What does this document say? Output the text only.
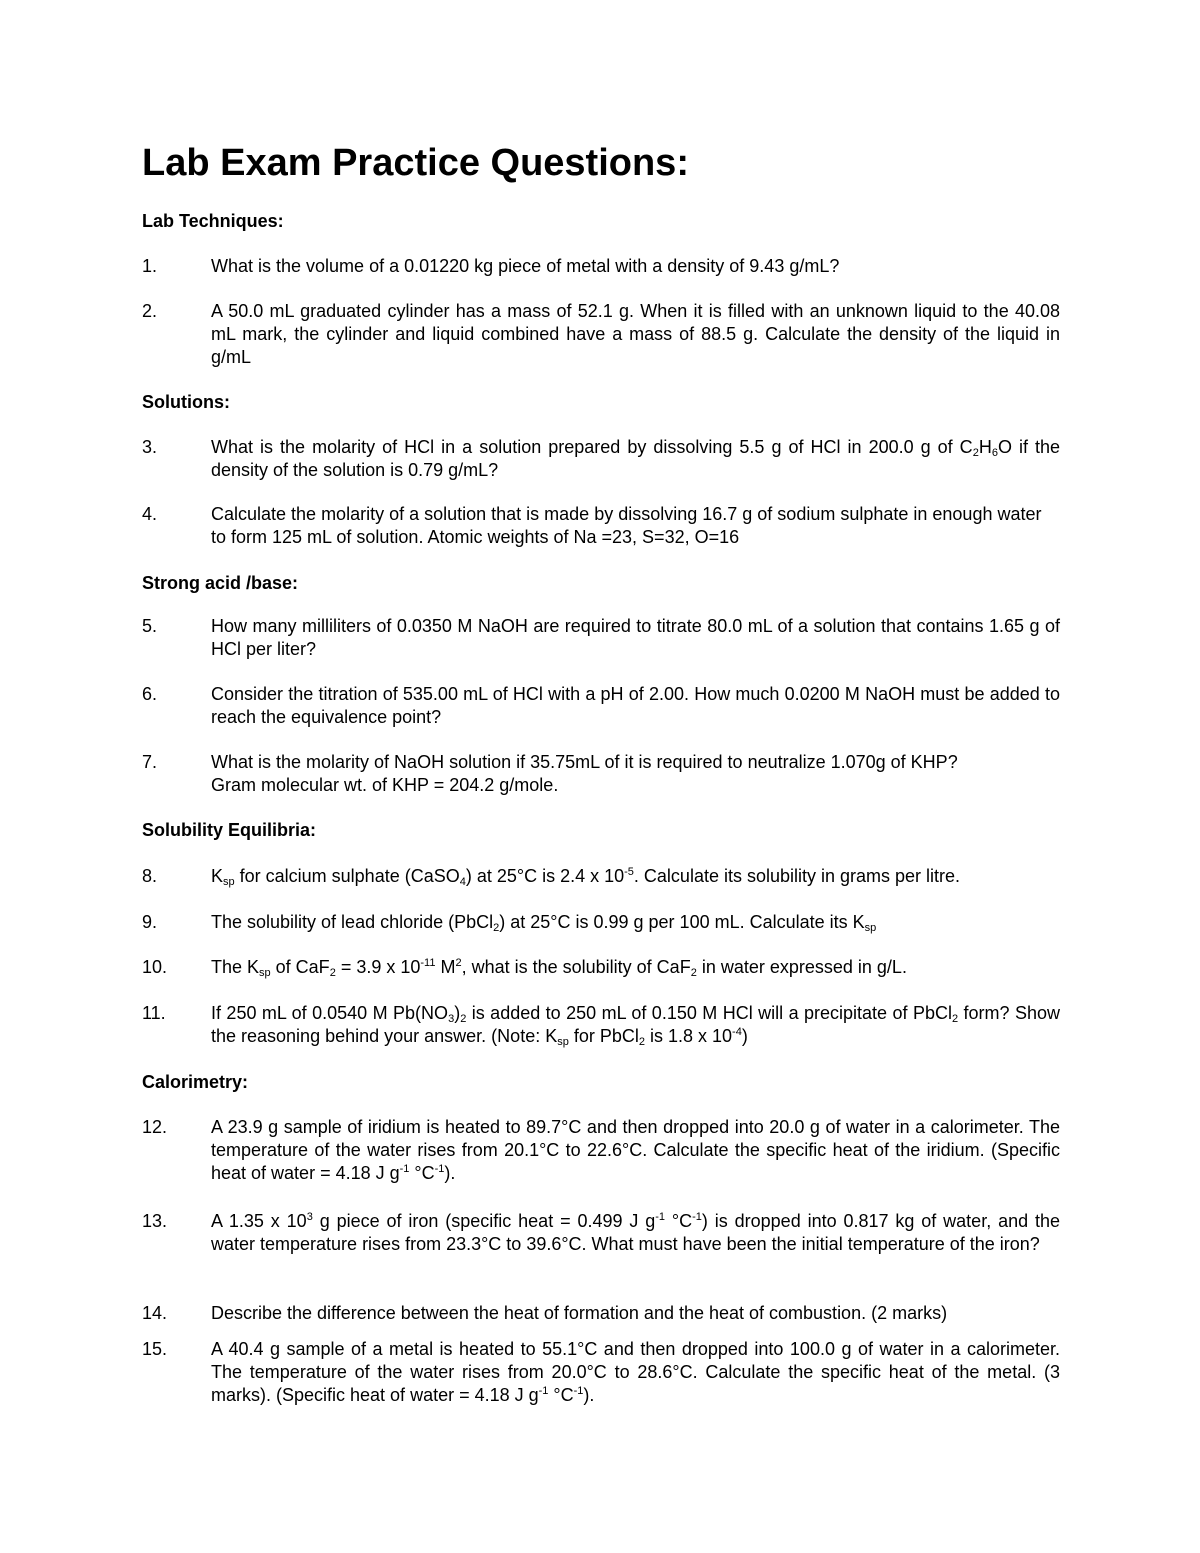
Lab Exam Practice Questions:
Lab Techniques:
1.	What is the volume of a 0.01220 kg piece of metal with a density of 9.43 g/mL?
2.	A 50.0 mL graduated cylinder has a mass of 52.1 g. When it is filled with an unknown liquid to the 40.08 mL mark, the cylinder and liquid combined have a mass of 88.5 g. Calculate the density of the liquid in g/mL
Solutions:
3.	What is the molarity of HCl in a solution prepared by dissolving 5.5 g of HCl in 200.0 g of $C_2H_6O$ if the density of the solution is 0.79 g/mL?
4.	Calculate the molarity of a solution that is made by dissolving 16.7 g of sodium sulphate in enough water to form 125 mL of solution. Atomic weights of Na =23, S=32, O=16
Strong acid /base:
5.	How many milliliters of 0.0350 M NaOH are required to titrate 80.0 mL of a solution that contains 1.65 g of HCl per liter?
6.	Consider the titration of 535.00 mL of HCl with a pH of 2.00. How much 0.0200 M NaOH must be added to reach the equivalence point?
7.	What is the molarity of NaOH solution if 35.75mL of it is required to neutralize 1.070g of KHP?
Gram molecular wt. of KHP = 204.2 g/mole.
Solubility Equilibria:
8.	$K_{sp}$ for calcium sulphate (CaSO$_4$) at 25°C is 2.4 x $10^{-5}$. Calculate its solubility in grams per litre.
9.	The solubility of lead chloride (PbCl$_2$) at 25°C is 0.99 g per 100 mL. Calculate its $K_{sp}$
10.	The $K_{sp}$ of CaF$_2$ = 3.9 x $10^{-11}$ $M^2$, what is the solubility of CaF$_2$ in water expressed in g/L.
11.	If 250 mL of 0.0540 M $Pb(NO_3)_2$ is added to 250 mL of 0.150 M HCl will a precipitate of PbCl$_2$ form? Show the reasoning behind your answer. (Note: $K_{sp}$ for PbCl$_2$ is 1.8 x $10^{-4}$)
Calorimetry:
12.	A 23.9 g sample of iridium is heated to 89.7°C and then dropped into 20.0 g of water in a calorimeter. The temperature of the water rises from 20.1°C to 22.6°C. Calculate the specific heat of the iridium. (Specific heat of water = 4.18 J $g^{-1}$ $^\circ C^{-1}$).
13.	A 1.35 x $10^3$ g piece of iron (specific heat = 0.499 J $g^{-1}$ $^\circ C^{-1}$) is dropped into 0.817 kg of water, and the water temperature rises from 23.3°C to 39.6°C. What must have been the initial temperature of the iron?
14.	Describe the difference between the heat of formation and the heat of combustion. (2 marks)
15.	A 40.4 g sample of a metal is heated to 55.1°C and then dropped into 100.0 g of water in a calorimeter. The temperature of the water rises from 20.0°C to 28.6°C. Calculate the specific heat of the metal. (3 marks). (Specific heat of water = 4.18 J $g^{-1}$ $^\circ C^{-1}$).
